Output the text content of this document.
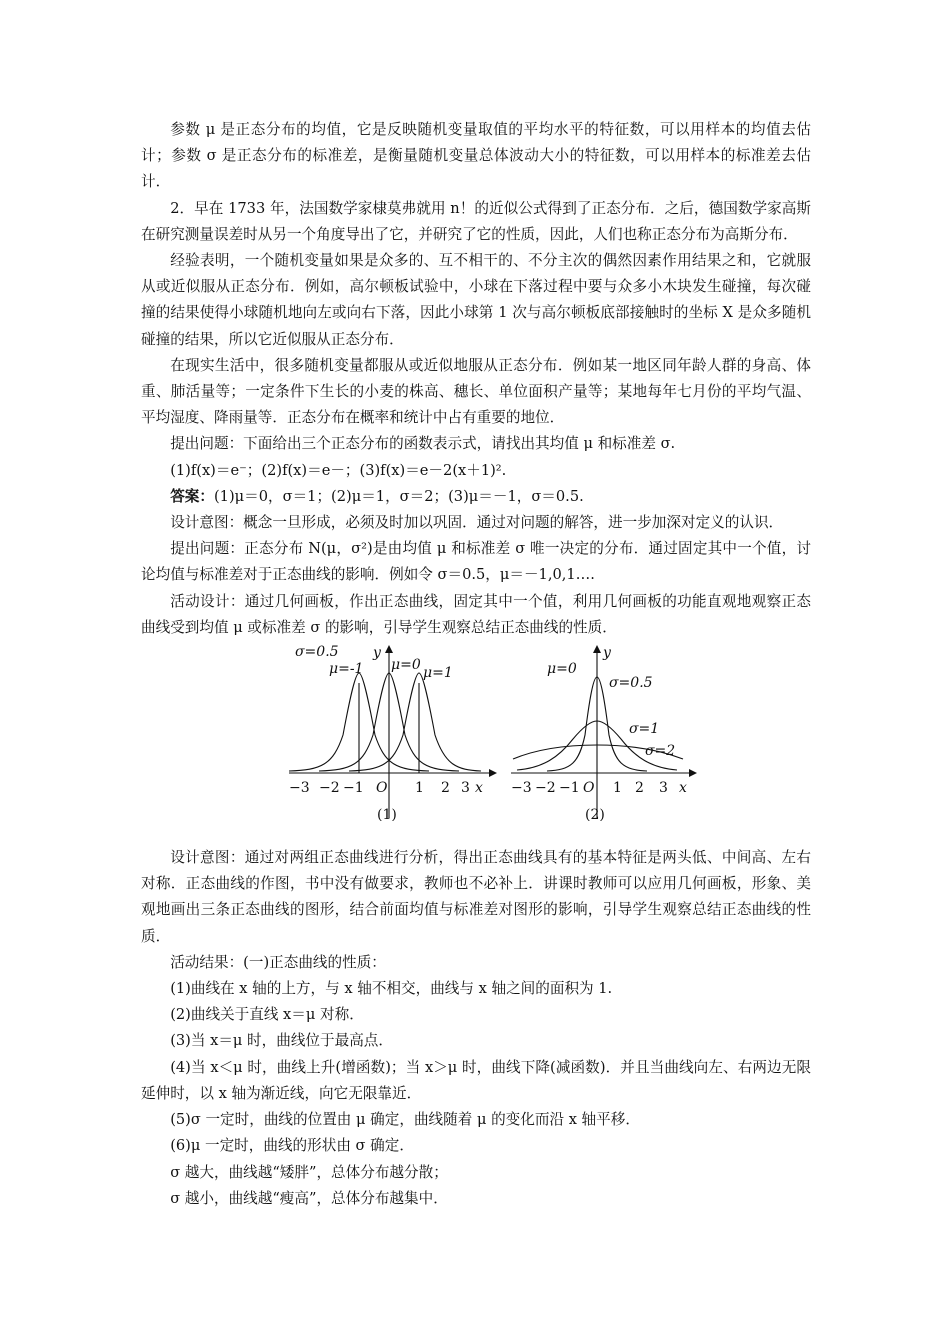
参数 μ 是正态分布的均值，它是反映随机变量取值的平均水平的特征数，可以用样本的均值去估计；参数 σ 是正态分布的标准差，是衡量随机变量总体波动大小的特征数，可以用样本的标准差去估计．

2．早在 1733 年，法国数学家棣莫弗就用 n！的近似公式得到了正态分布．之后，德国数学家高斯在研究测量误差时从另一个角度导出了它，并研究了它的性质，因此，人们也称正态分布为高斯分布．

经验表明，一个随机变量如果是众多的、互不相干的、不分主次的偶然因素作用结果之和，它就服从或近似服从正态分布．例如，高尔顿板试验中，小球在下落过程中要与众多小木块发生碰撞，每次碰撞的结果使得小球随机地向左或向右下落，因此小球第 1 次与高尔顿板底部接触时的坐标 X 是众多随机碰撞的结果，所以它近似服从正态分布．

在现实生活中，很多随机变量都服从或近似地服从正态分布．例如某一地区同年龄人群的身高、体重、肺活量等；一定条件下生长的小麦的株高、穗长、单位面积产量等；某地每年七月份的平均气温、平均湿度、降雨量等．正态分布在概率和统计中占有重要的地位．

提出问题：下面给出三个正态分布的函数表示式，请找出其均值 μ 和标准差 σ.

(1)f(x)＝e⁻；(2)f(x)＝e－；(3)f(x)＝e－2(x＋1)².

答案：(1)μ＝0，σ＝1；(2)μ＝1，σ＝2；(3)μ＝－1，σ＝0.5.

设计意图：概念一旦形成，必须及时加以巩固．通过对问题的解答，进一步加深对定义的认识．

提出问题：正态分布 N(μ，σ²)是由均值 μ 和标准差 σ 唯一决定的分布．通过固定其中一个值，讨论均值与标准差对于正态曲线的影响．例如令 σ＝0.5，μ＝－1,0,1….

活动设计：通过几何画板，作出正态曲线，固定其中一个值，利用几何画板的功能直观地观察正态曲线受到均值 μ 或标准差 σ 的影响，引导学生观察总结正态曲线的性质．

σ=0.5
μ=-1 μ=0 μ=1
y
x
O
−3 −2 −1	1 2 3
(1)
μ=0
σ=0.5
σ=1
σ=2
y
x
O
−3 −2 −1 1 2 3
(2)

设计意图：通过对两组正态曲线进行分析，得出正态曲线具有的基本特征是两头低、中间高、左右对称．正态曲线的作图，书中没有做要求，教师也不必补上．讲课时教师可以应用几何画板，形象、美观地画出三条正态曲线的图形，结合前面均值与标准差对图形的影响，引导学生观察总结正态曲线的性质．

活动结果：(一)正态曲线的性质：

(1)曲线在 x 轴的上方，与 x 轴不相交，曲线与 x 轴之间的面积为 1.

(2)曲线关于直线 x＝μ 对称．

(3)当 x＝μ 时，曲线位于最高点．

(4)当 x＜μ 时，曲线上升(增函数)；当 x＞μ 时，曲线下降(减函数)．并且当曲线向左、右两边无限延伸时，以 x 轴为渐近线，向它无限靠近．

(5)σ 一定时，曲线的位置由 μ 确定，曲线随着 μ 的变化而沿 x 轴平移．

(6)μ 一定时，曲线的形状由 σ 确定．

σ 越大，曲线越“矮胖”，总体分布越分散；

σ 越小，曲线越“瘦高”，总体分布越集中．
